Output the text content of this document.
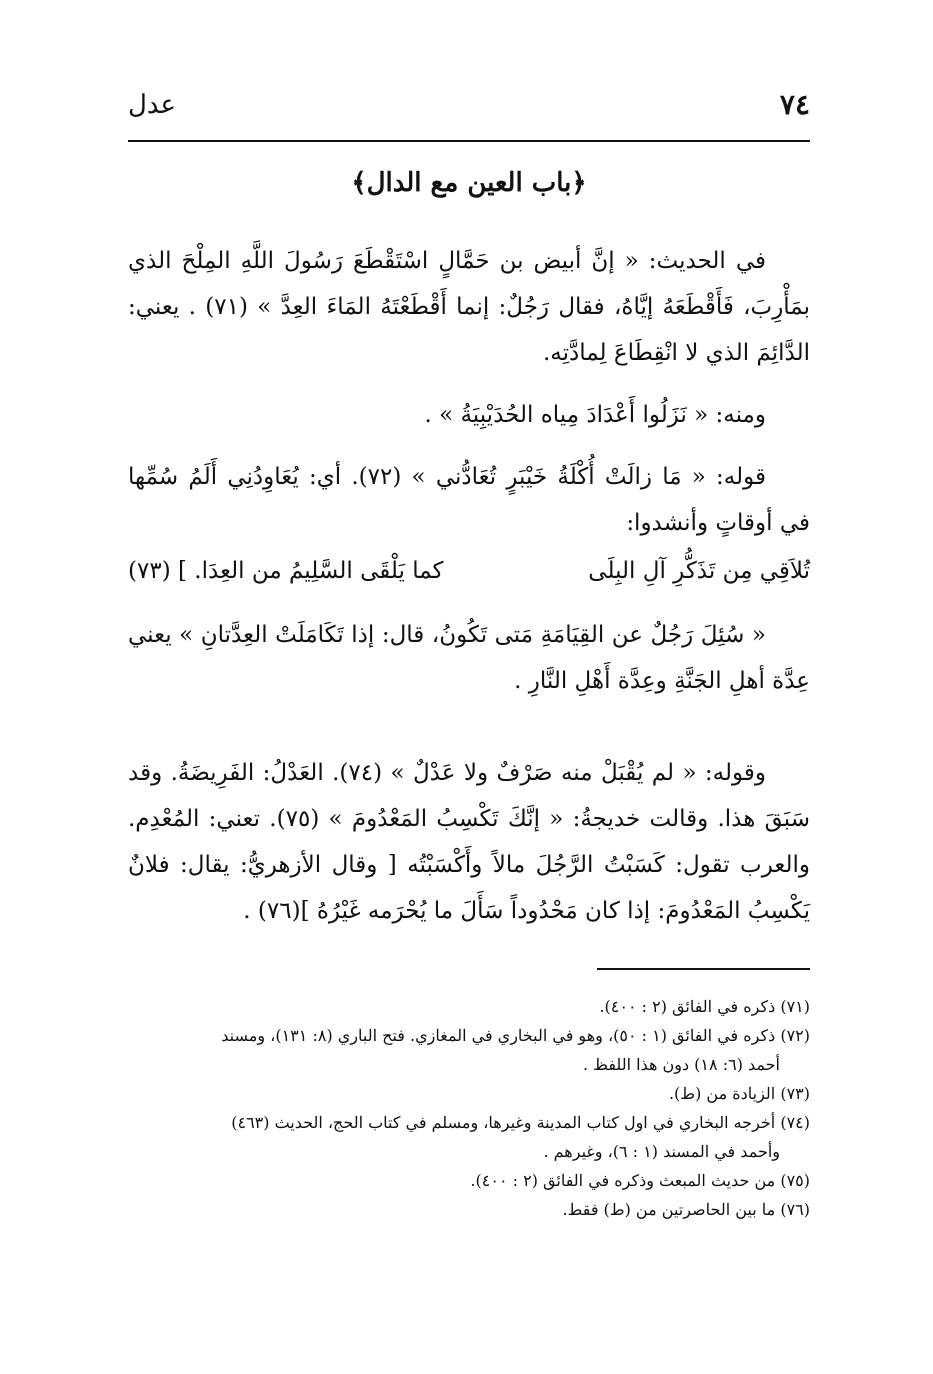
٧٤
عدل
﴿باب العين مع الدال﴾

في الحديث: « إنَّ أبيض بن حَمَّالٍ اسْتَقْطَعَ رَسُولَ اللَّهِ المِلْحَ الذي بمَأْرِبَ، فَأَقْطَعَهُ إيَّاهُ، فقال رَجُلٌ: إنما أَقْطَعْتَهُ المَاءَ العِدَّ » (٧١) . يعني: الدَّائِمَ الذي لا انْقِطَاعَ لِمادَّتِه.

ومنه: « نَزَلُوا أَعْدَادَ مِياه الحُدَيْبِيَةُ » .

قوله: « مَا زالَتْ أُكْلَةُ خَيْبَرٍ تُعَادُّني » (٧٢). أي: يُعَاوِدُنِي أَلَمُ سُمِّها في أوقاتٍ وأنشدوا:

تُلاَقِي مِن تَذَكُّرِ آلِ البِلَى
كما يَلْقَى السَّلِيمُ من العِدَا. ] (٧٣)

« سُئِلَ رَجُلٌ عن القِيَامَةِ مَتى تَكُونُ، قال: إذا تَكَامَلَتْ العِدَّتانِ » يعني عِدَّة أهلِ الجَنَّةِ وعِدَّة أَهْلِ النَّارِ .

وقوله: « لم يُقْبَلْ منه صَرْفٌ ولا عَدْلٌ » (٧٤). العَدْلُ: الفَرِيضَةُ. وقد سَبَقَ هذا. وقالت خديجةُ: « إنَّكَ تَكْسِبُ المَعْدُومَ » (٧٥). تعني: المُعْدِم. والعرب تقول: كَسَبْتُ الرَّجُلَ مالاً وأَكْسَبْتُه [ وقال الأزهريُّ: يقال: فلانٌ يَكْسِبُ المَعْدُومَ: إذا كان مَحْدُوداً سَأَلَ ما يُحْرَمه غَيْرُهُ ](٧٦) .

(٧١) ذكره في الفائق (٢ : ٤٠٠).

(٧٢) ذكره في الفائق (١ : ٥٠)، وهو في البخاري في المغازي. فتح الباري (٨: ١٣١)، ومسند

أحمد (٦: ١٨) دون هذا اللفظ .

(٧٣) الزيادة من (ط).

(٧٤) أخرجه البخاري في اول كتاب المدينة وغيرها، ومسلم في كتاب الحج، الحديث (٤٦٣)

وأحمد في المسند (١ : ٦)، وغيرهم .

(٧٥) من حديث المبعث وذكره في الفائق (٢ : ٤٠٠).

(٧٦) ما بين الحاصرتين من (ط) فقط.
